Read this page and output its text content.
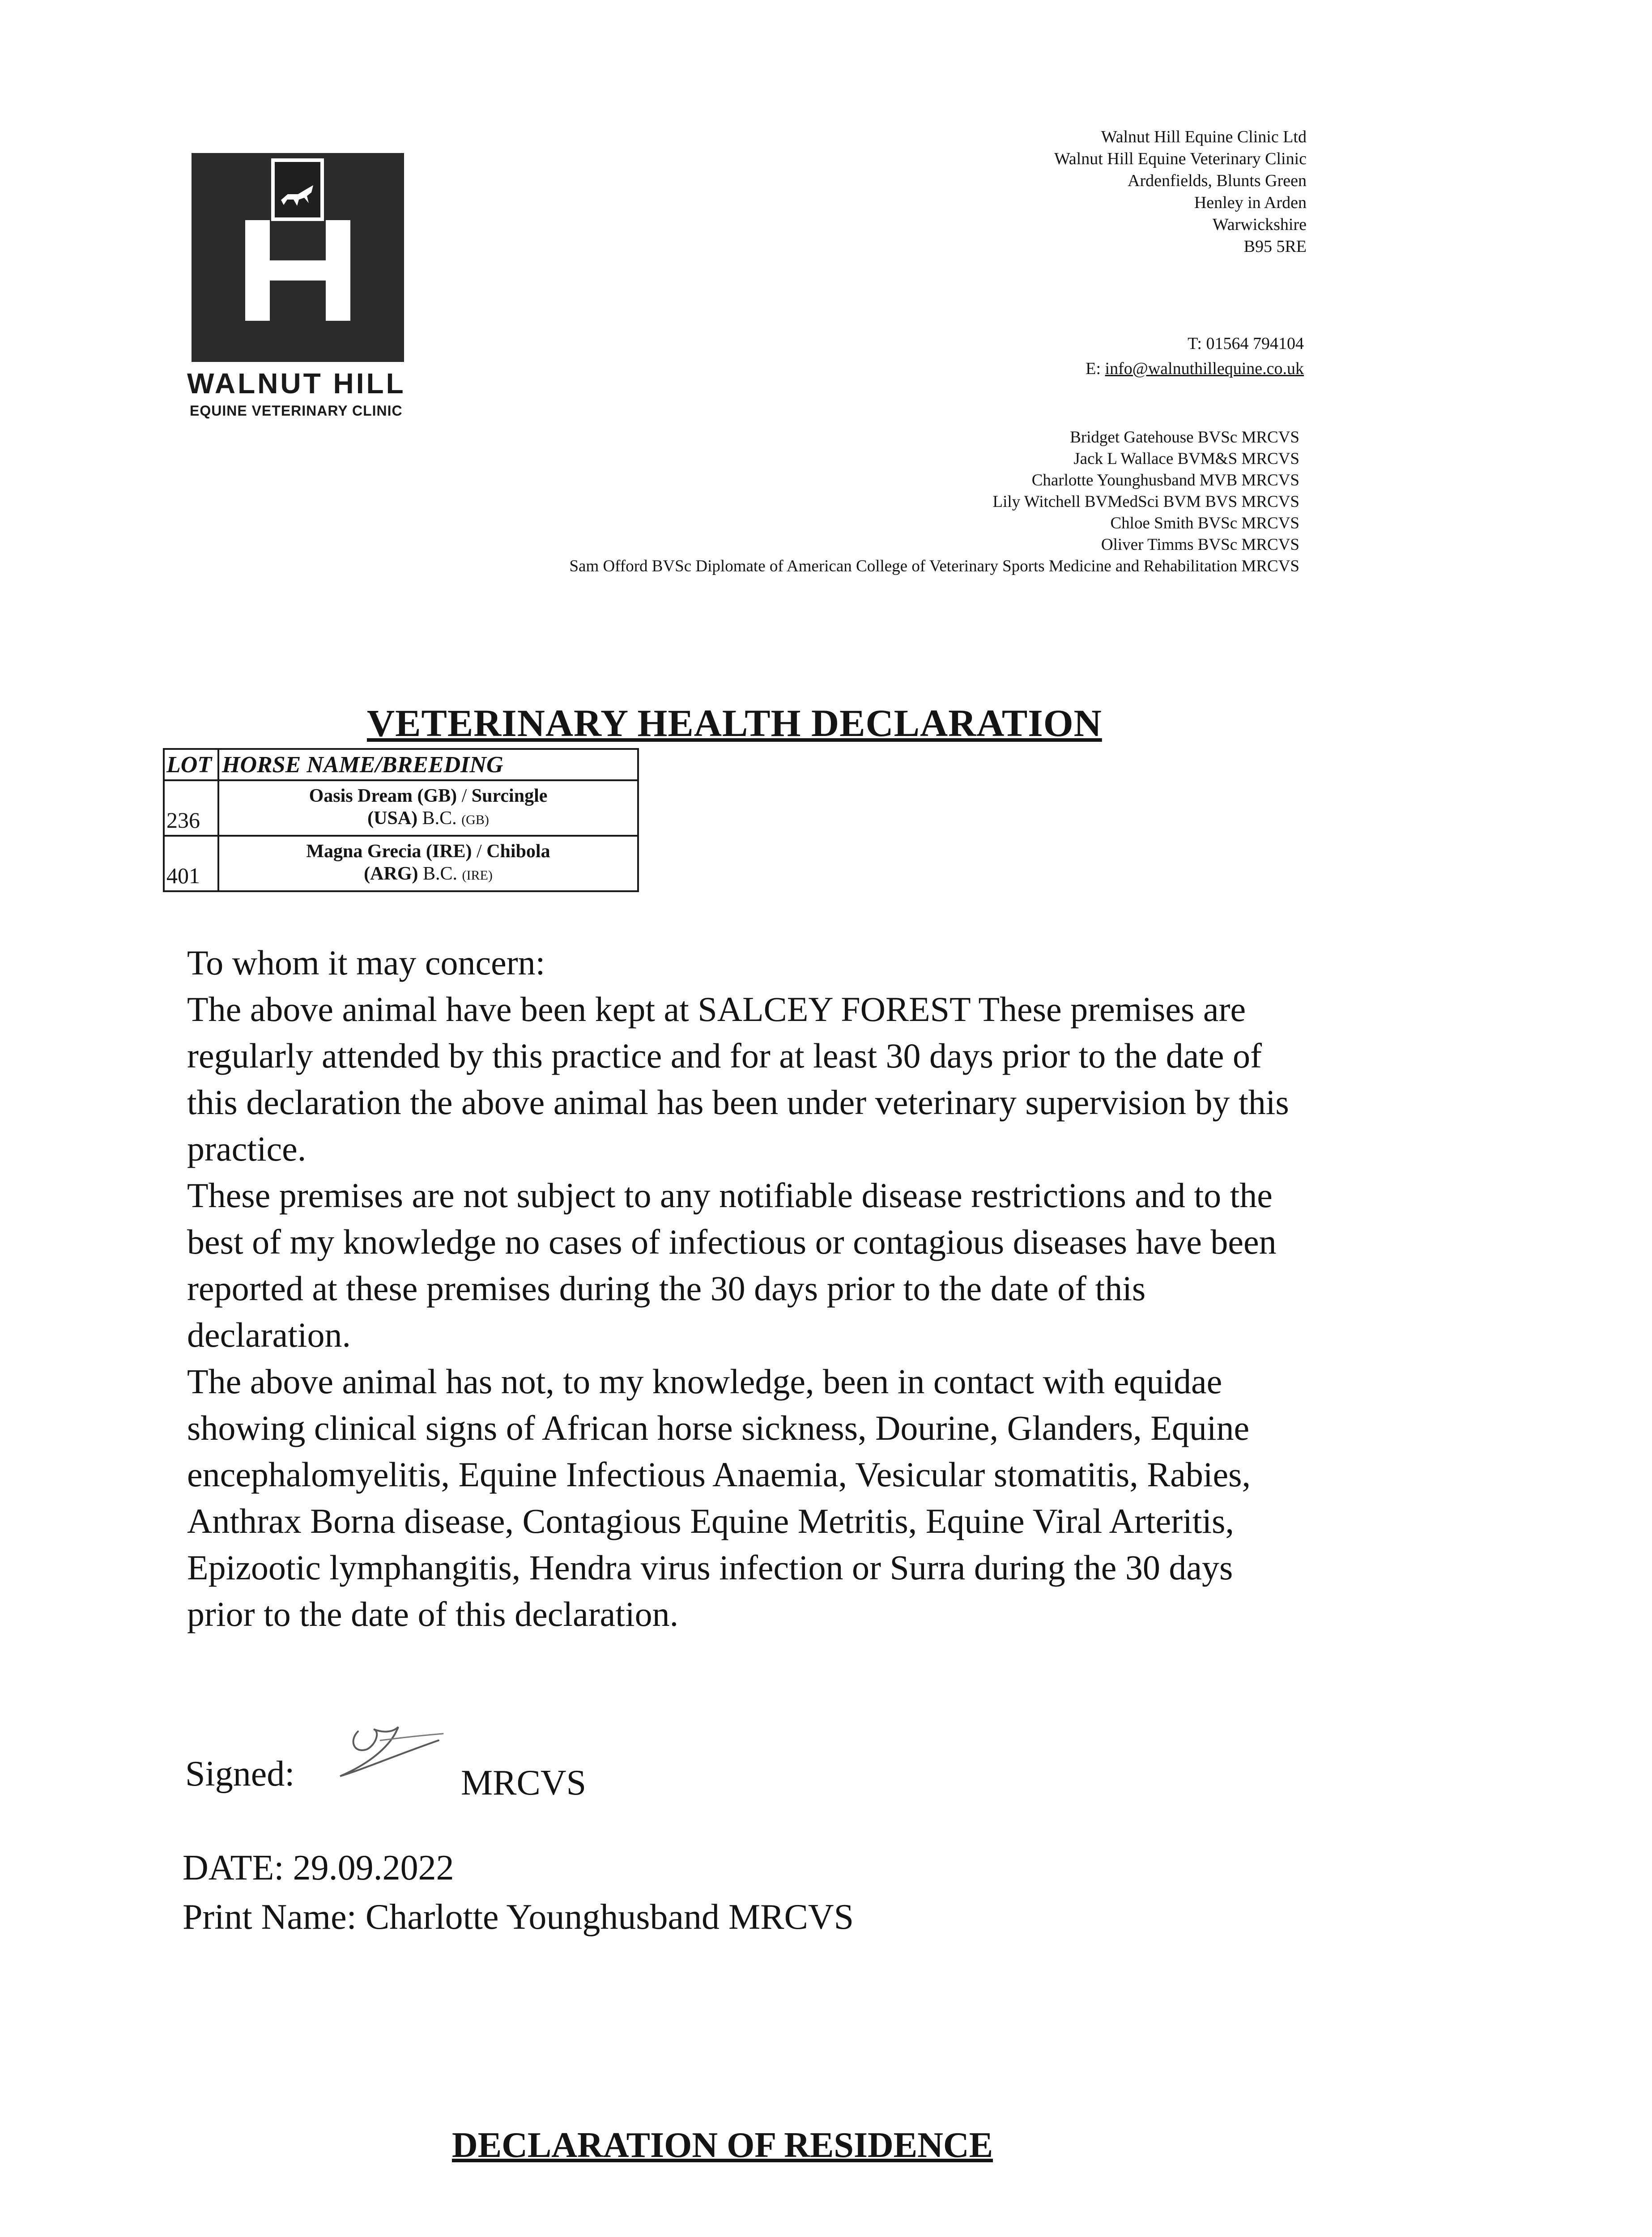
WALNUT HILL
EQUINE VETERINARY CLINIC
Walnut Hill Equine Clinic Ltd
Walnut Hill Equine Veterinary Clinic
Ardenfields, Blunts Green
Henley in Arden
Warwickshire
B95 5RE
T: 01564 794104
E: info@walnuthillequine.co.uk
Bridget Gatehouse BVSc MRCVS
Jack L Wallace BVM&S MRCVS
Charlotte Younghusband MVB MRCVS
Lily Witchell BVMedSci BVM BVS MRCVS
Chloe Smith BVSc MRCVS
Oliver Timms BVSc MRCVS
Sam Offord BVSc Diplomate of American College of Veterinary Sports Medicine and Rehabilitation MRCVS
VETERINARY HEALTH DECLARATION
LOT	HORSE NAME/BREEDING
236	Oasis Dream (GB) / Surcingle
(USA) B.C. (GB)
401	Magna Grecia (IRE) / Chibola
(ARG) B.C. (IRE)

To whom it may concern:

The above animal have been kept at SALCEY FOREST These premises are regularly attended by this practice and for at least 30 days prior to the date of this declaration the above animal has been under veterinary supervision by this practice.

These premises are not subject to any notifiable disease restrictions and to the best of my knowledge no cases of infectious or contagious diseases have been reported at these premises during the 30 days prior to the date of this declaration.

The above animal has not, to my knowledge, been in contact with equidae showing clinical signs of African horse sickness, Dourine, Glanders, Equine encephalomyelitis, Equine Infectious Anaemia, Vesicular stomatitis, Rabies, Anthrax Borna disease, Contagious Equine Metritis, Equine Viral Arteritis, Epizootic lymphangitis, Hendra virus infection or Surra during the 30 days prior to the date of this declaration.

Signed:	MRCVS
DATE: 29.09.2022
Print Name: Charlotte Younghusband MRCVS
DECLARATION OF RESIDENCE
